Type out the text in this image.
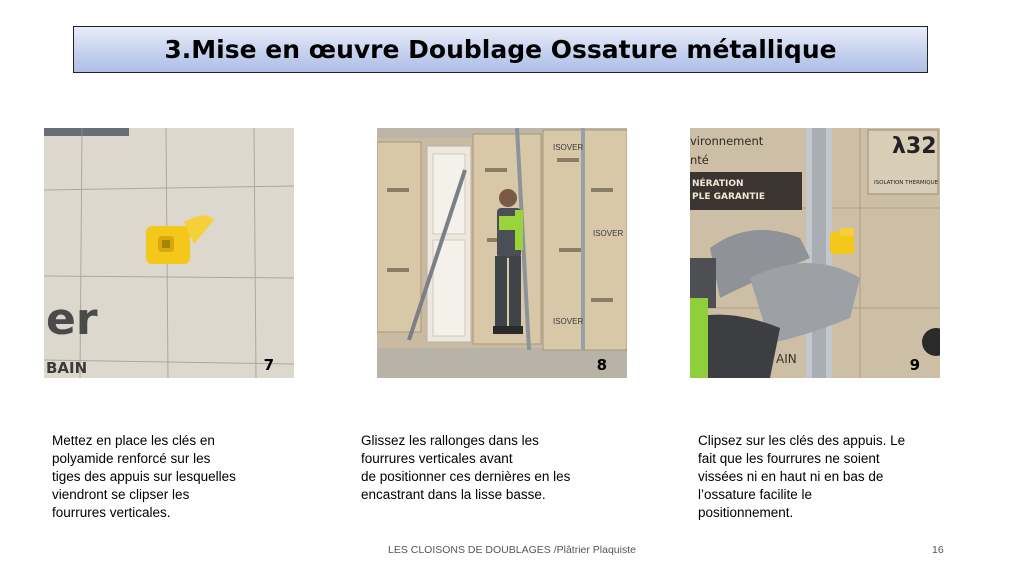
3.Mise en œuvre Doublage Ossature métallique
er
BAIN	7
ISOVER
ISOVER
ISOVER
8
vironnement
nté
NÉRATION
PLE GARANTIE
λ32
ISOLATION THERMIQUE
AIN	9
Mettez en place les clés en
polyamide renforcé sur les
tiges des appuis sur lesquelles
viendront se clipser les
fourrures verticales.
Glissez les rallonges dans les
fourrures verticales avant
de positionner ces dernières en les
encastrant dans la lisse basse.
Clipsez sur les clés des appuis. Le
fait que les fourrures ne soient
vissées ni en haut ni en bas de
l’ossature facilite le
positionnement.
LES CLOISONS DE DOUBLAGES /Plâtrier Plaquiste	16
